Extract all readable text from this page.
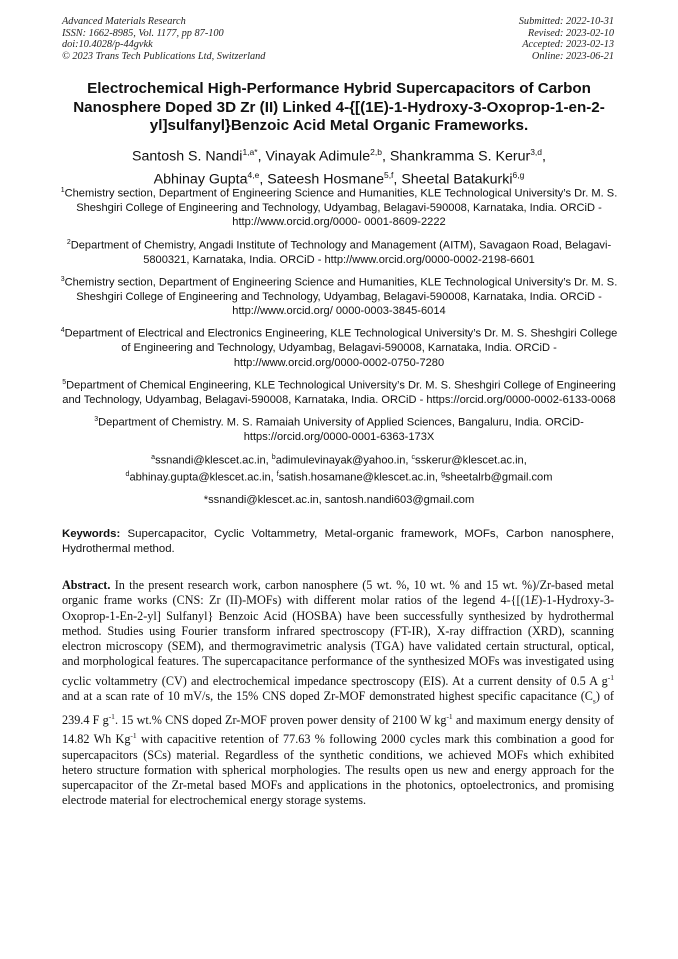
Advanced Materials Research
ISSN: 1662-8985, Vol. 1177, pp 87-100
doi:10.4028/p-44gvkk
© 2023 Trans Tech Publications Ltd, Switzerland
Submitted: 2022-10-31
Revised: 2023-02-10
Accepted: 2023-02-13
Online: 2023-06-21
Electrochemical High-Performance Hybrid Supercapacitors of Carbon Nanosphere Doped 3D Zr (II) Linked 4-{[(1E)-1-Hydroxy-3-Oxoprop-1-en-2-yl]sulfanyl}Benzoic Acid Metal Organic Frameworks.
Santosh S. Nandi$^{1,a*}$, Vinayak Adimule$^{2,b}$, Shankramma S. Kerur$^{3,d}$,
Abhinay Gupta$^{4,e}$, Sateesh Hosmane$^{5,f}$, Sheetal Batakurki$^{6,g}$
$^1$Chemistry section, Department of Engineering Science and Humanities, KLE Technological University’s Dr. M. S. Sheshgiri College of Engineering and Technology, Udyambag, Belagavi-590008, Karnataka, India. ORCiD - http://www.orcid.org/0000- 0001-8609-2222
$^2$Department of Chemistry, Angadi Institute of Technology and Management (AITM), Savagaon Road, Belagavi-5800321, Karnataka, India. ORCiD - http://www.orcid.org/0000-0002-2198-6601
$^3$Chemistry section, Department of Engineering Science and Humanities, KLE Technological University’s Dr. M. S. Sheshgiri College of Engineering and Technology, Udyambag, Belagavi-590008, Karnataka, India. ORCiD - http://www.orcid.org/ 0000-0003-3845-6014
$^4$Department of Electrical and Electronics Engineering, KLE Technological University’s Dr. M. S. Sheshgiri College of Engineering and Technology, Udyambag, Belagavi-590008, Karnataka, India. ORCiD - http://www.orcid.org/0000-0002-0750-7280
$^5$Department of Chemical Engineering, KLE Technological University’s Dr. M. S. Sheshgiri College of Engineering and Technology, Udyambag, Belagavi-590008, Karnataka, India. ORCiD - https://orcid.org/0000-0002-6133-0068
$^3$Department of Chemistry. M. S. Ramaiah University of Applied Sciences, Bangaluru, India. ORCiD-https://orcid.org/0000-0001-6363-173X
$^a$ssnandi@klescet.ac.in, $^b$adimulevinayak@yahoo.in, $^c$sskerur@klescet.ac.in,
$^d$abhinay.gupta@klescet.ac.in, $^f$satish.hosamane@klescet.ac.in, $^g$sheetalrb@gmail.com
*ssnandi@klescet.ac.in, santosh.nandi603@gmail.com
Keywords: Supercapacitor, Cyclic Voltammetry, Metal-organic framework, MOFs, Carbon nanosphere, Hydrothermal method.
Abstract. In the present research work, carbon nanosphere (5 wt. %, 10 wt. % and 15 wt. %)/Zr-based metal organic frame works (CNS: Zr (II)-MOFs) with different molar ratios of the legend 4-{[(1E)-1-Hydroxy-3-Oxoprop-1-En-2-yl] Sulfanyl} Benzoic Acid (HOSBA) have been successfully synthesized by hydrothermal method. Studies using Fourier transform infrared spectroscopy (FT-IR), X-ray diffraction (XRD), scanning electron microscopy (SEM), and thermogravimetric analysis (TGA) have validated certain structural, optical, and morphological features. The supercapacitance performance of the synthesized MOFs was investigated using cyclic voltammetry (CV) and electrochemical impedance spectroscopy (EIS). At a current density of 0.5 A $g^{-1}$ and at a scan rate of 10 mV/s, the 15% CNS doped Zr-MOF demonstrated highest specific capacitance $(C_s)$ of 239.4 F $g^{-1}$. 15 wt.% CNS doped Zr-MOF proven power density of 2100 W $kg^{-1}$ and maximum energy density of 14.82 Wh $Kg^{-1}$ with capacitive retention of 77.63 % following 2000 cycles mark this combination a good for supercapacitors (SCs) material. Regardless of the synthetic conditions, we achieved MOFs which exhibited hetero structure formation with spherical morphologies. The results open us new and energy approach for the supercapacitor of the Zr-metal based MOFs and applications in the photonics, optoelectronics, and promising electrode material for electrochemical energy storage systems.
